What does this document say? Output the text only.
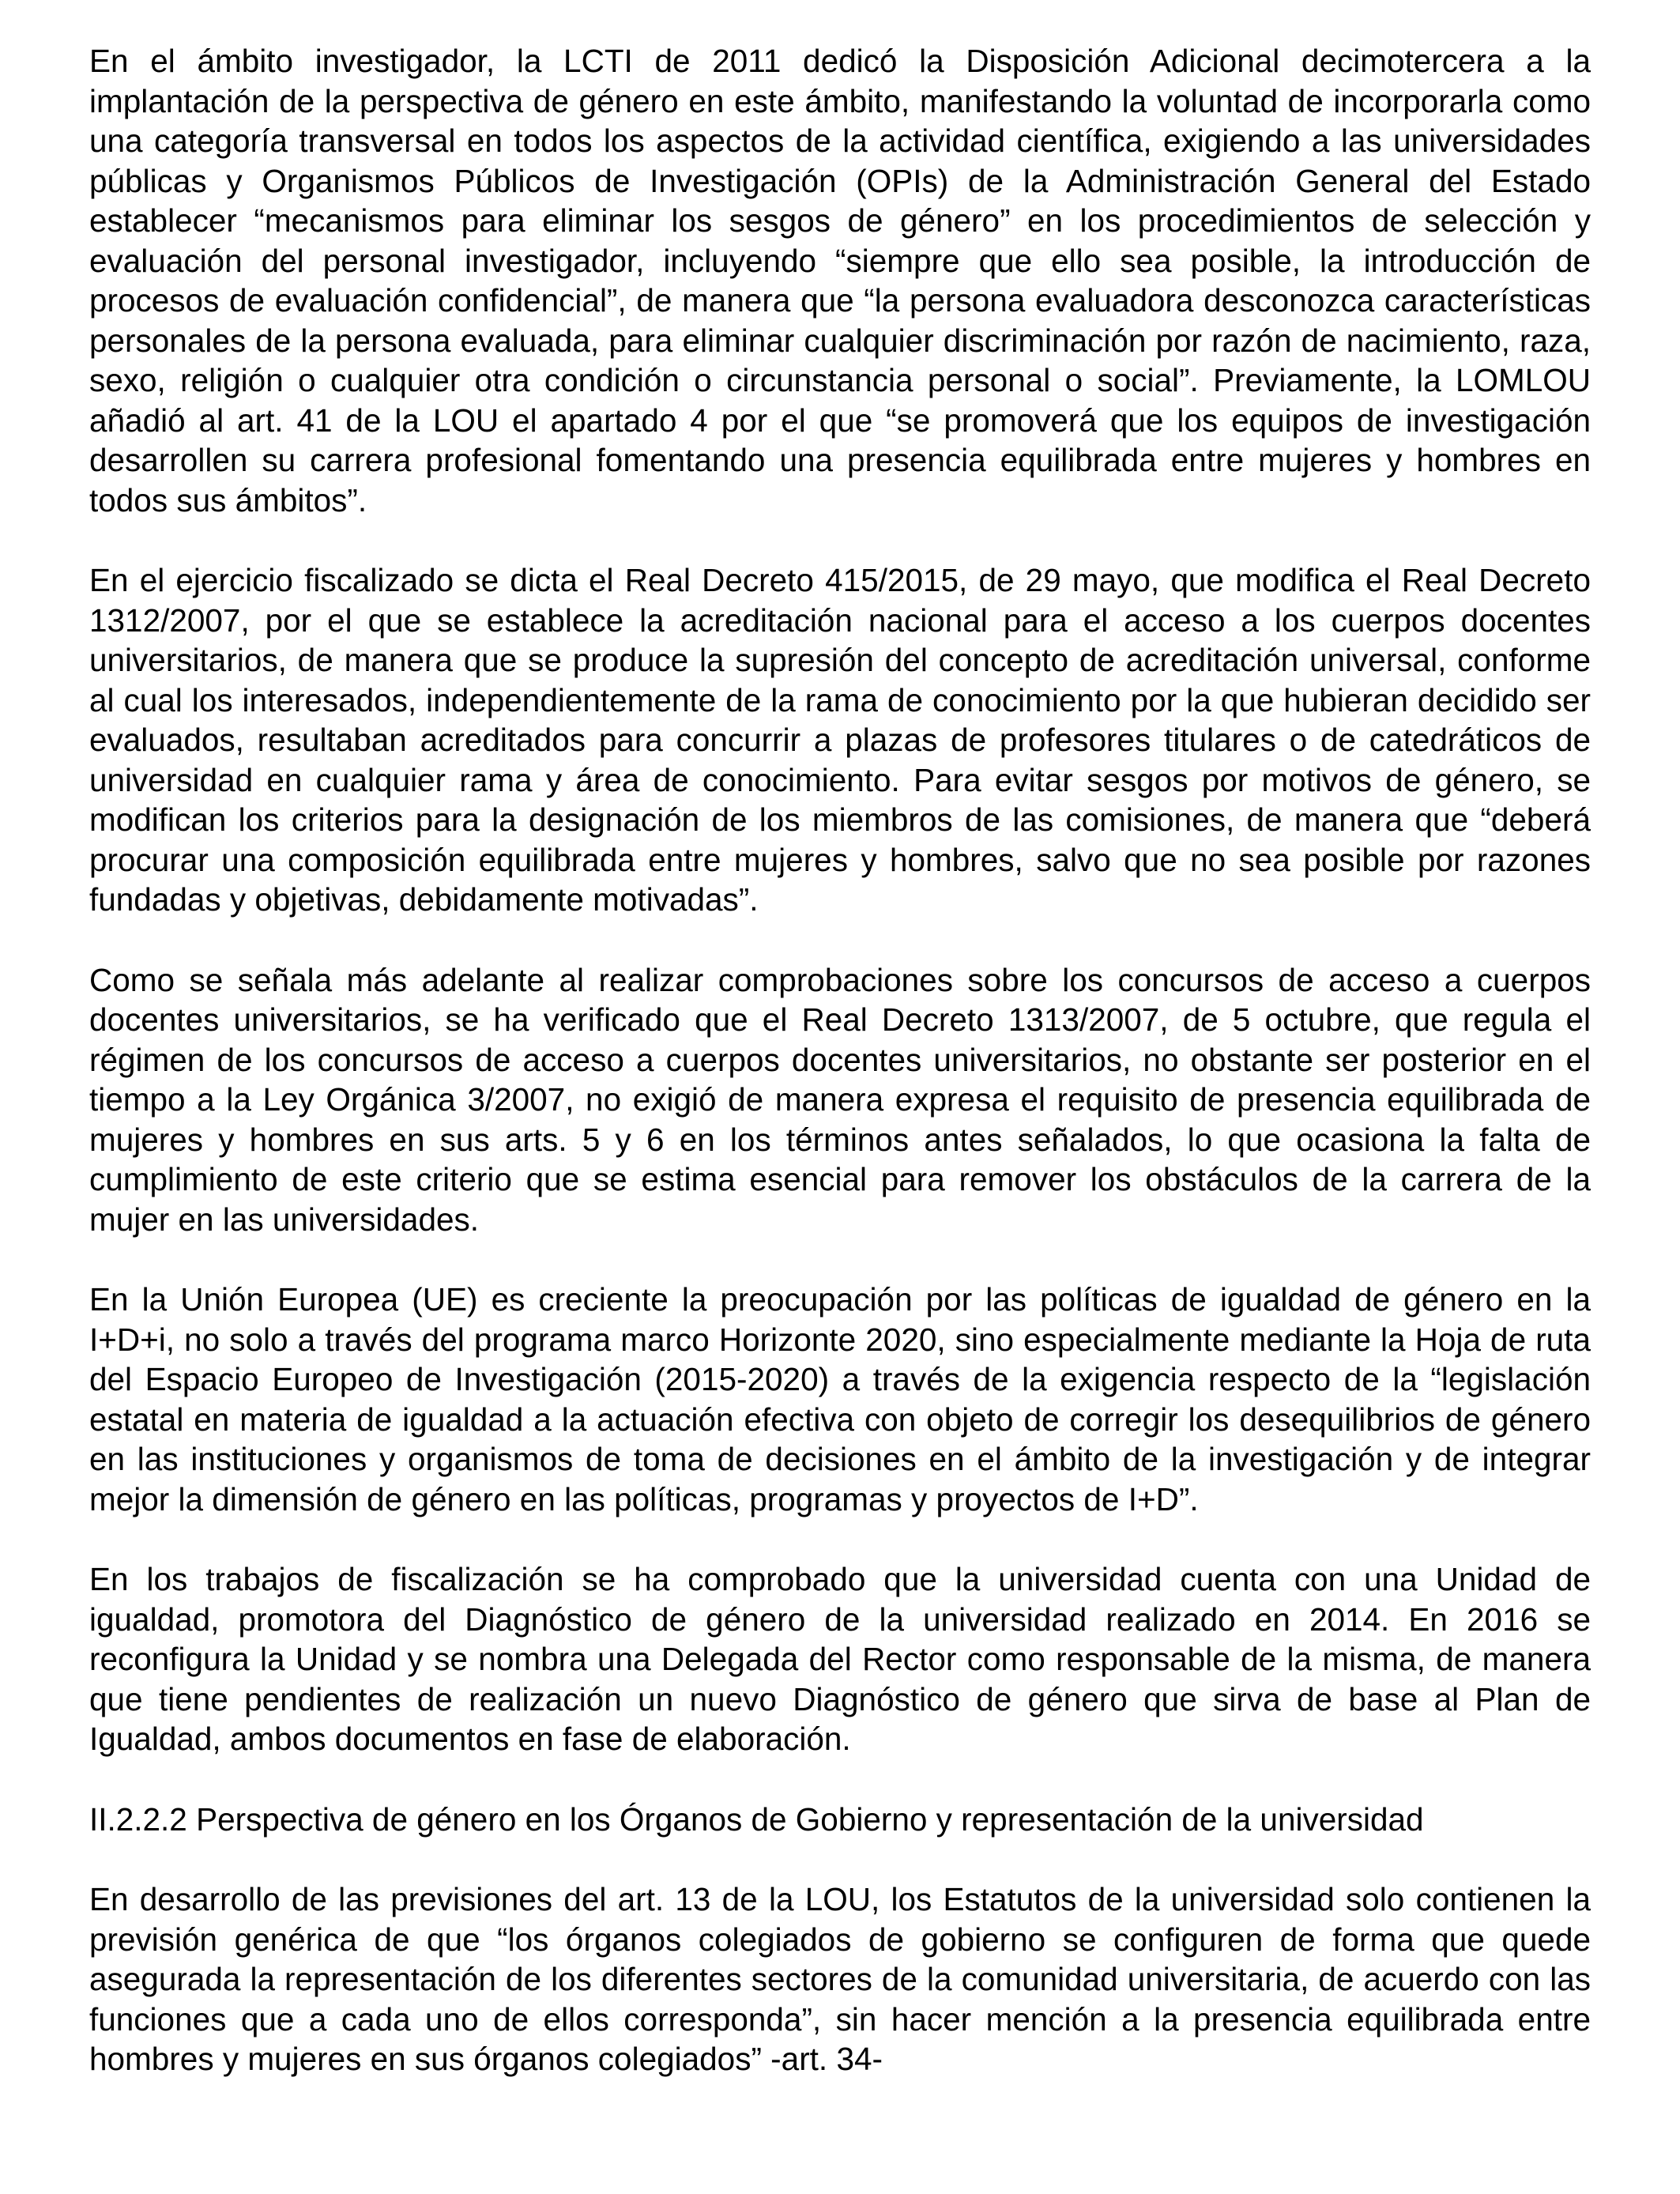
En el ámbito investigador, la LCTI de 2011 dedicó la Disposición Adicional decimotercera a la implantación de la perspectiva de género en este ámbito, manifestando la voluntad de incorporarla como una categoría transversal en todos los aspectos de la actividad científica, exigiendo a las universidades públicas y Organismos Públicos de Investigación (OPIs) de la Administración General del Estado establecer “mecanismos para eliminar los sesgos de género” en los procedimientos de selección y evaluación del personal investigador, incluyendo “siempre que ello sea posible, la introducción de procesos de evaluación confidencial”, de manera que “la persona evaluadora desconozca características personales de la persona evaluada, para eliminar cualquier discriminación por razón de nacimiento, raza, sexo, religión o cualquier otra condición o circunstancia personal o social”. Previamente, la LOMLOU añadió al art. 41 de la LOU el apartado 4 por el que “se promoverá que los equipos de investigación desarrollen su carrera profesional fomentando una presencia equilibrada entre mujeres y hombres en todos sus ámbitos”.

En el ejercicio fiscalizado se dicta el Real Decreto 415/2015, de 29 mayo, que modifica el Real Decreto 1312/2007, por el que se establece la acreditación nacional para el acceso a los cuerpos docentes universitarios, de manera que se produce la supresión del concepto de acreditación universal, conforme al cual los interesados, independientemente de la rama de conocimiento por la que hubieran decidido ser evaluados, resultaban acreditados para concurrir a plazas de profesores titulares o de catedráticos de universidad en cualquier rama y área de conocimiento. Para evitar sesgos por motivos de género, se modifican los criterios para la designación de los miembros de las comisiones, de manera que “deberá procurar una composición equilibrada entre mujeres y hombres, salvo que no sea posible por razones fundadas y objetivas, debidamente motivadas”.

Como se señala más adelante al realizar comprobaciones sobre los concursos de acceso a cuerpos docentes universitarios, se ha verificado que el Real Decreto 1313/2007, de 5 octubre, que regula el régimen de los concursos de acceso a cuerpos docentes universitarios, no obstante ser posterior en el tiempo a la Ley Orgánica 3/2007, no exigió de manera expresa el requisito de presencia equilibrada de mujeres y hombres en sus arts. 5 y 6 en los términos antes señalados, lo que ocasiona la falta de cumplimiento de este criterio que se estima esencial para remover los obstáculos de la carrera de la mujer en las universidades.

En la Unión Europea (UE) es creciente la preocupación por las políticas de igualdad de género en la I+D+i, no solo a través del programa marco Horizonte 2020, sino especialmente mediante la Hoja de ruta del Espacio Europeo de Investigación (2015-2020) a través de la exigencia respecto de la “legislación estatal en materia de igualdad a la actuación efectiva con objeto de corregir los desequilibrios de género en las instituciones y organismos de toma de decisiones en el ámbito de la investigación y de integrar mejor la dimensión de género en las políticas, programas y proyectos de I+D”.

En los trabajos de fiscalización se ha comprobado que la universidad cuenta con una Unidad de igualdad, promotora del Diagnóstico de género de la universidad realizado en 2014. En 2016 se reconfigura la Unidad y se nombra una Delegada del Rector como responsable de la misma, de manera que tiene pendientes de realización un nuevo Diagnóstico de género que sirva de base al Plan de Igualdad, ambos documentos en fase de elaboración.

II.2.2.2 Perspectiva de género en los Órganos de Gobierno y representación de la universidad

En desarrollo de las previsiones del art. 13 de la LOU, los Estatutos de la universidad solo contienen la previsión genérica de que “los órganos colegiados de gobierno se configuren de forma que quede asegurada la representación de los diferentes sectores de la comunidad universitaria, de acuerdo con las funciones que a cada uno de ellos corresponda”, sin hacer mención a la presencia equilibrada entre hombres y mujeres en sus órganos colegiados” -art. 34-
